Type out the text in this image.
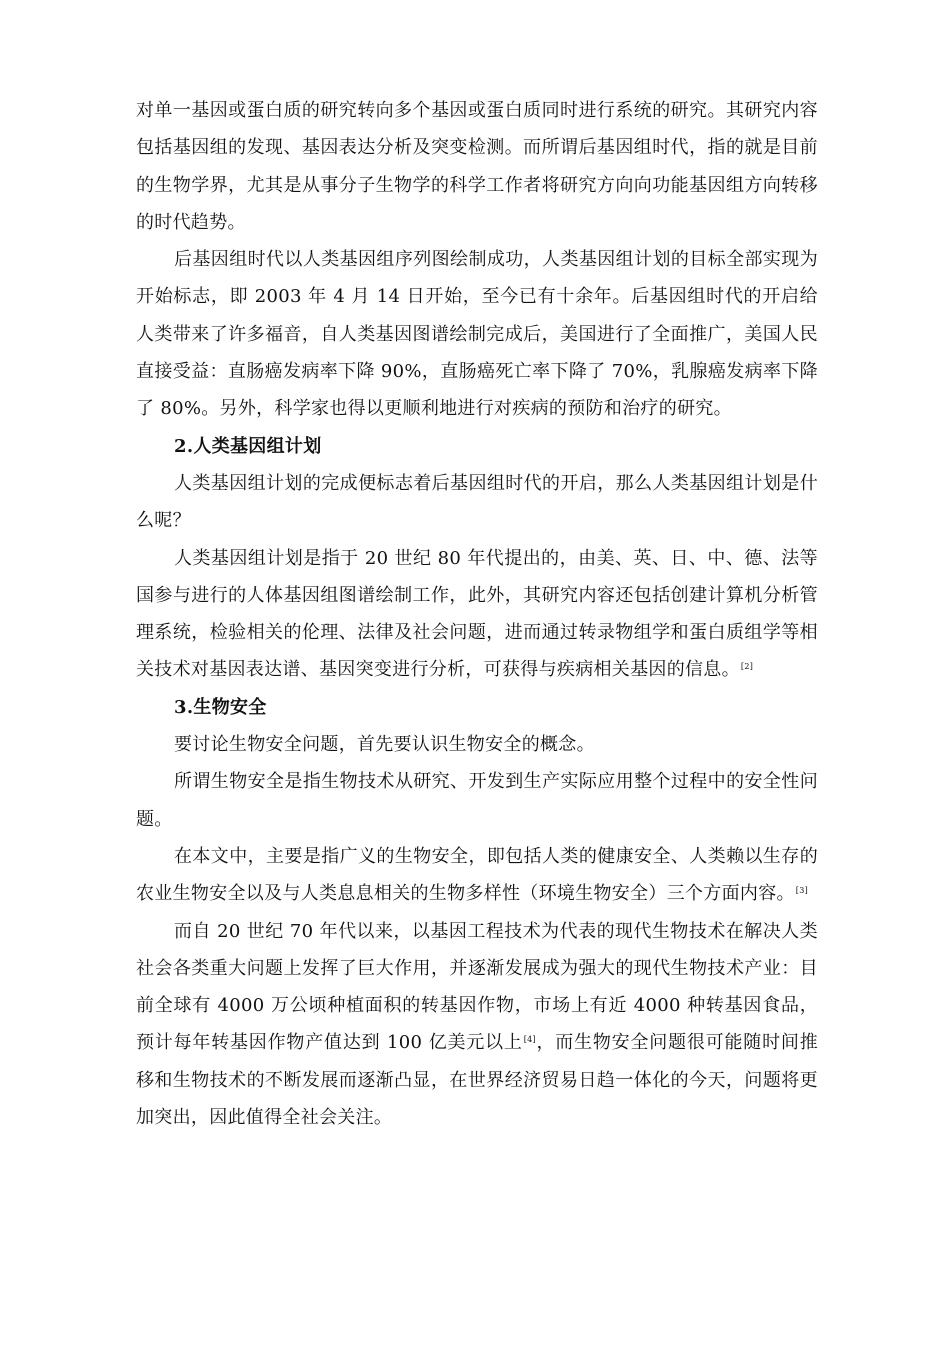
对单一基因或蛋白质的研究转向多个基因或蛋白质同时进行系统的研究。其研究内容包括基因组的发现、基因表达分析及突变检测。而所谓后基因组时代，指的就是目前的生物学界，尤其是从事分子生物学的科学工作者将研究方向向功能基因组方向转移的时代趋势。

后基因组时代以人类基因组序列图绘制成功，人类基因组计划的目标全部实现为开始标志，即 2003 年 4 月 14 日开始，至今已有十余年。后基因组时代的开启给人类带来了许多福音，自人类基因图谱绘制完成后，美国进行了全面推广，美国人民直接受益：直肠癌发病率下降 90%，直肠癌死亡率下降了 70%，乳腺癌发病率下降了 80%。另外，科学家也得以更顺利地进行对疾病的预防和治疗的研究。

2.人类基因组计划

人类基因组计划的完成便标志着后基因组时代的开启，那么人类基因组计划是什么呢？

人类基因组计划是指于 20 世纪 80 年代提出的，由美、英、日、中、德、法等国参与进行的人体基因组图谱绘制工作，此外，其研究内容还包括创建计算机分析管理系统，检验相关的伦理、法律及社会问题，进而通过转录物组学和蛋白质组学等相关技术对基因表达谱、基因突变进行分析，可获得与疾病相关基因的信息。[2]

3.生物安全

要讨论生物安全问题，首先要认识生物安全的概念。

所谓生物安全是指生物技术从研究、开发到生产实际应用整个过程中的安全性问题。

在本文中，主要是指广义的生物安全，即包括人类的健康安全、人类赖以生存的农业生物安全以及与人类息息相关的生物多样性（环境生物安全）三个方面内容。[3]

而自 20 世纪 70 年代以来，以基因工程技术为代表的现代生物技术在解决人类社会各类重大问题上发挥了巨大作用，并逐渐发展成为强大的现代生物技术产业：目前全球有 4000 万公顷种植面积的转基因作物，市场上有近 4000 种转基因食品，预计每年转基因作物产值达到 100 亿美元以上[4]，而生物安全问题很可能随时间推移和生物技术的不断发展而逐渐凸显，在世界经济贸易日趋一体化的今天，问题将更加突出，因此值得全社会关注。
